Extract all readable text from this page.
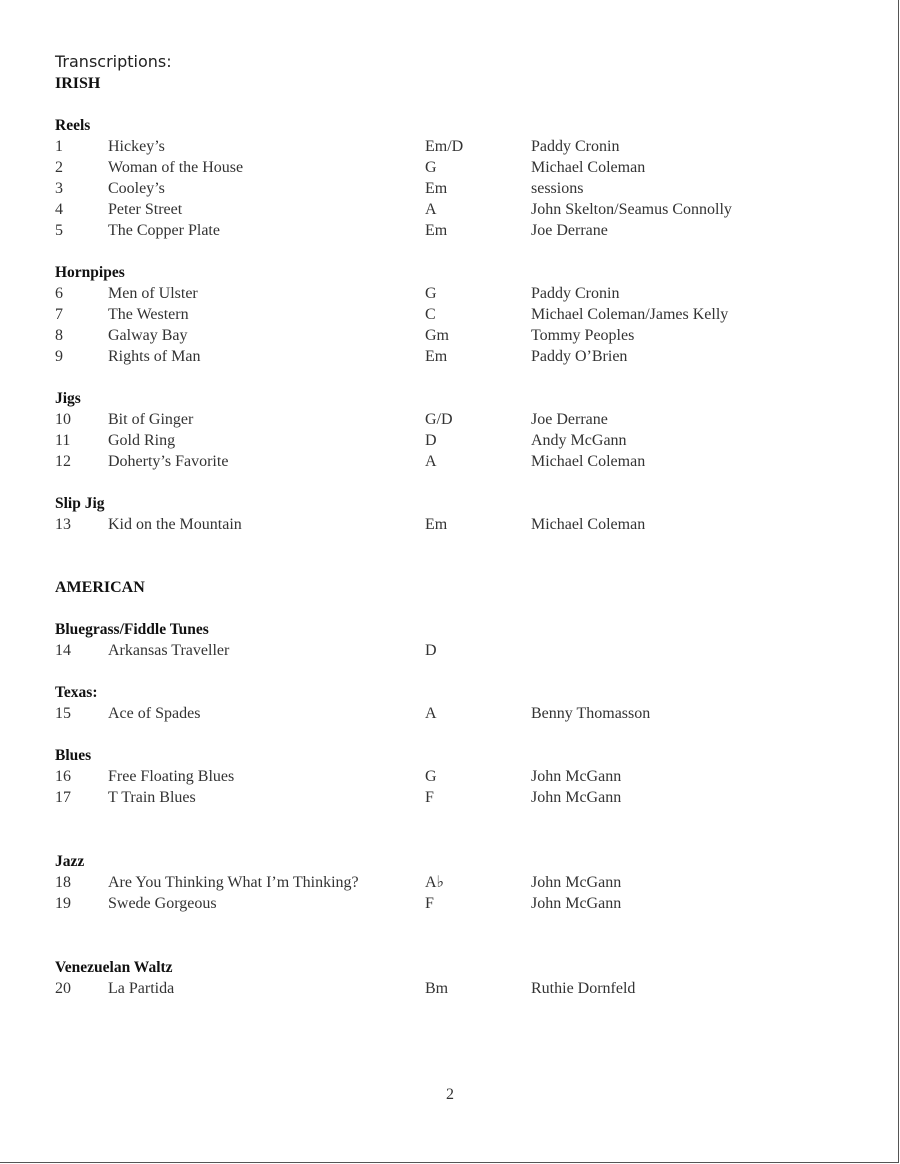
Transcriptions:
IRISH
Reels
1	Hickey’s	Em/D	Paddy Cronin
2	Woman of the House	G	Michael Coleman
3	Cooley’s	Em	sessions
4	Peter Street	A	John Skelton/Seamus Connolly
5	The Copper Plate	Em	Joe Derrane
Hornpipes
6	Men of Ulster	G	Paddy Cronin
7	The Western	C	Michael Coleman/James Kelly
8	Galway Bay	Gm	Tommy Peoples
9	Rights of Man	Em	Paddy O’Brien
Jigs
10 Bit of Ginger	G/D	Joe Derrane
11 Gold Ring	D	Andy McGann
12 Doherty’s Favorite	A	Michael Coleman
Slip Jig
13 Kid on the Mountain	Em	Michael Coleman
AMERICAN
Bluegrass/Fiddle Tunes
14 Arkansas Traveller	D
Texas:
15 Ace of Spades	A	Benny Thomasson
Blues
16 Free Floating Blues	G	John McGann
17 T Train Blues	F	John McGann
Jazz
18 Are You Thinking What I’m Thinking?	A♭	John McGann
19 Swede Gorgeous	F	John McGann
Venezuelan Waltz
20 La Partida	Bm	Ruthie Dornfeld
2
